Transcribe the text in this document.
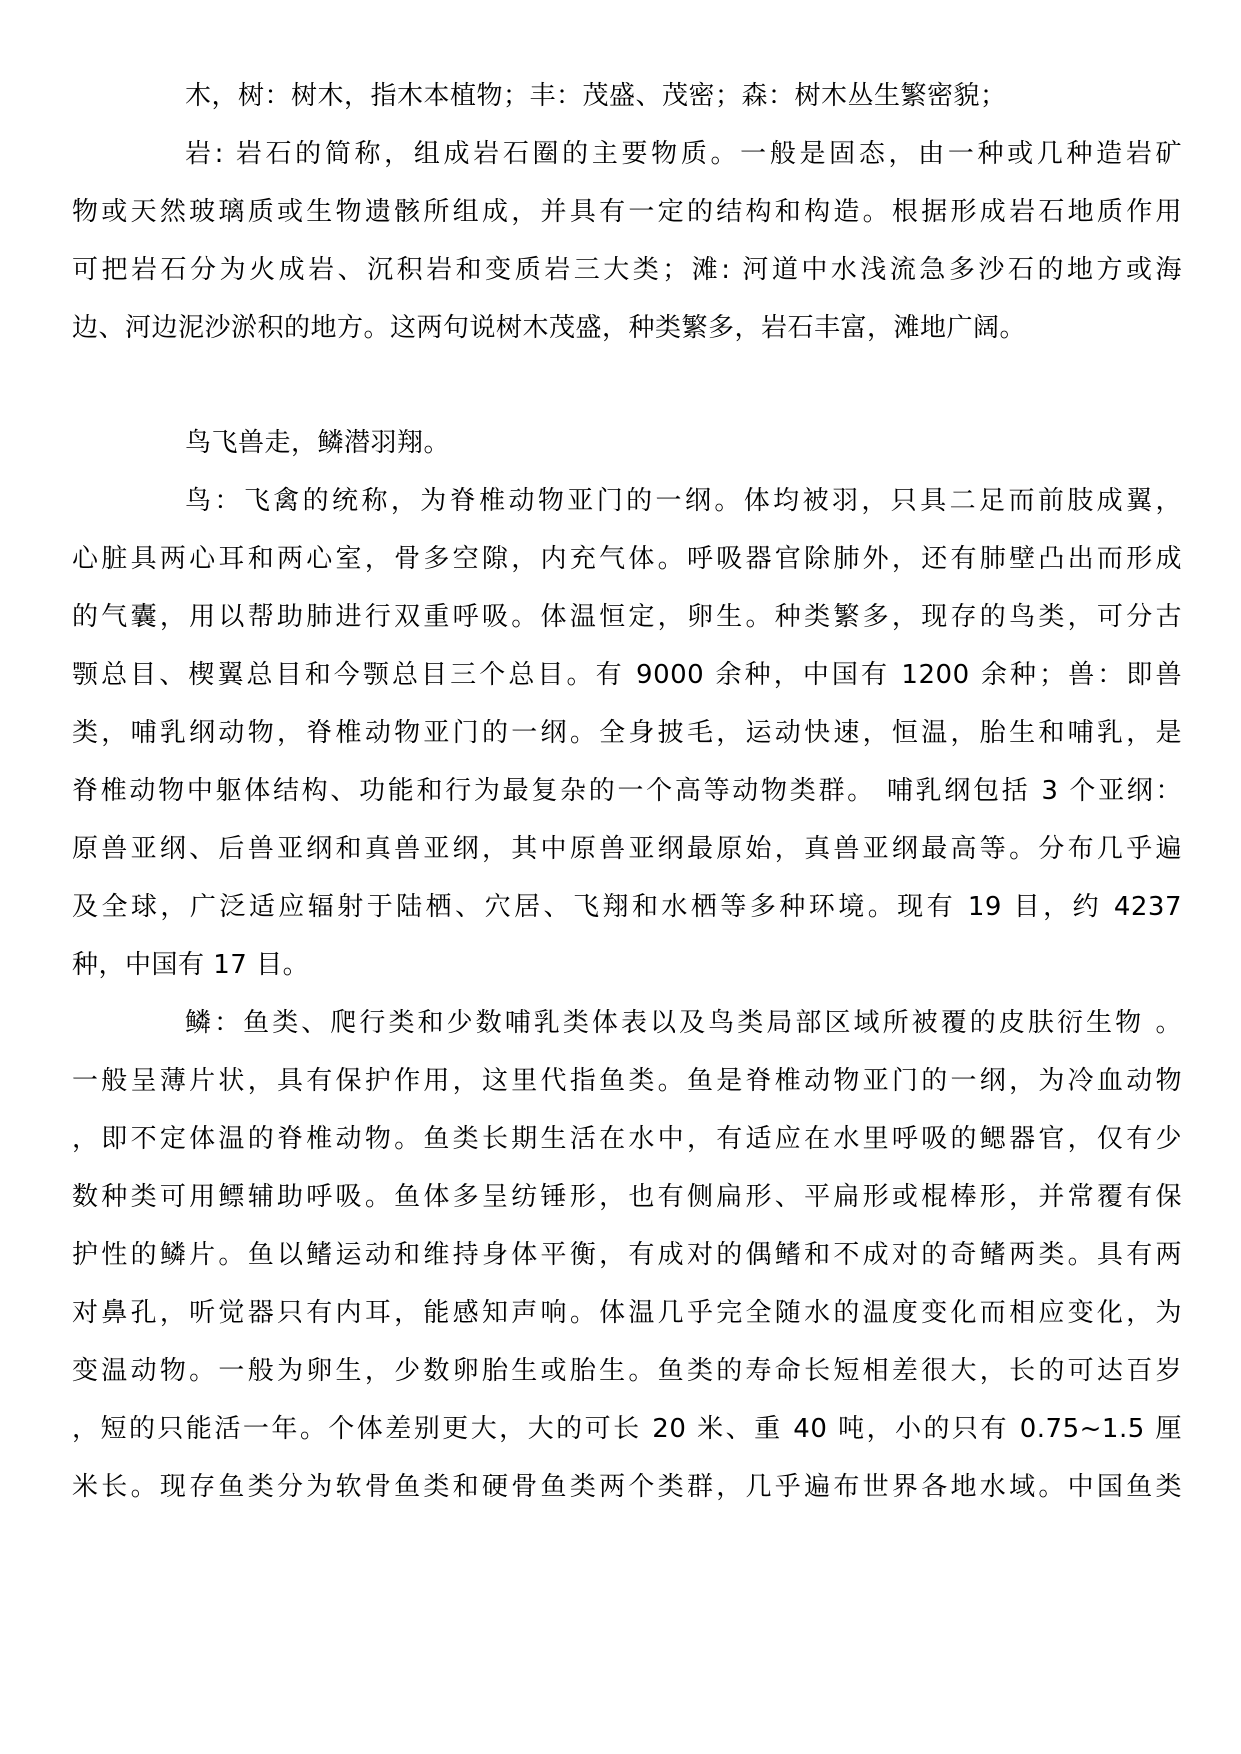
木，树：树木，指木本植物；丰：茂盛、茂密；森：树木丛生繁密貌；
岩: 岩石的简称，组成岩石圈的主要物质。一般是固态，由一种或几种造岩矿
物或天然玻璃质或生物遗骸所组成，并具有一定的结构和构造。根据形成岩石地质作用
可把岩石分为火成岩、沉积岩和变质岩三大类；滩: 河道中水浅流急多沙石的地方或海
边、河边泥沙淤积的地方。这两句说树木茂盛，种类繁多，岩石丰富，滩地广阔。
鸟飞兽走，鳞潜羽翔。
鸟：飞禽的统称，为脊椎动物亚门的一纲。体均被羽，只具二足而前肢成翼，
心脏具两心耳和两心室，骨多空隙，内充气体。呼吸器官除肺外，还有肺壁凸出而形成
的气囊，用以帮助肺进行双重呼吸。体温恒定，卵生。种类繁多，现存的鸟类，可分古
颚总目、楔翼总目和今颚总目三个总目。有 9000 余种，中国有 1200 余种；兽：即兽
类，哺乳纲动物，脊椎动物亚门的一纲。全身披毛，运动快速，恒温，胎生和哺乳，是
脊椎动物中躯体结构、功能和行为最复杂的一个高等动物类群。 哺乳纲包括 3 个亚纲：
原兽亚纲、后兽亚纲和真兽亚纲，其中原兽亚纲最原始，真兽亚纲最高等。分布几乎遍
及全球，广泛适应辐射于陆栖、穴居、飞翔和水栖等多种环境。现有 19 目，约 4237
种，中国有 17 目。
鳞：鱼类、爬行类和少数哺乳类体表以及鸟类局部区域所被覆的皮肤衍生物 。
一般呈薄片状，具有保护作用，这里代指鱼类。鱼是脊椎动物亚门的一纲，为冷血动物
，即不定体温的脊椎动物。鱼类长期生活在水中，有适应在水里呼吸的鳃器官，仅有少
数种类可用鳔辅助呼吸。鱼体多呈纺锤形，也有侧扁形、平扁形或棍棒形，并常覆有保
护性的鳞片。鱼以鳍运动和维持身体平衡，有成对的偶鳍和不成对的奇鳍两类。具有两
对鼻孔，听觉器只有内耳，能感知声响。体温几乎完全随水的温度变化而相应变化，为
变温动物。一般为卵生，少数卵胎生或胎生。鱼类的寿命长短相差很大，长的可达百岁
，短的只能活一年。个体差别更大，大的可长 20 米、重 40 吨，小的只有 0.75~1.5 厘
米长。现存鱼类分为软骨鱼类和硬骨鱼类两个类群，几乎遍布世界各地水域。中国鱼类
